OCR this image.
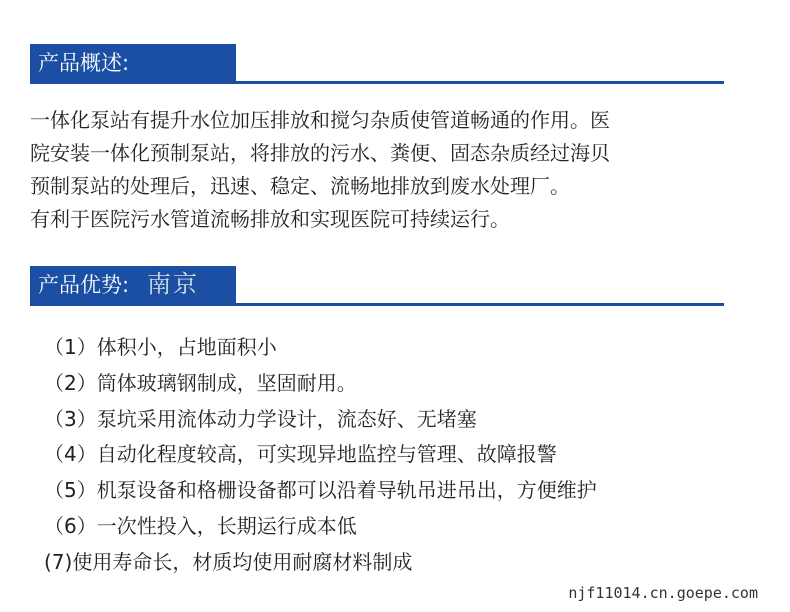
产品概述:

一体化泵站有提升水位加压排放和搅匀杂质使管道畅通的作用。医

院安装一体化预制泵站，将排放的污水、粪便、固态杂质经过海贝

预制泵站的处理后，迅速、稳定、流畅地排放到废水处理厂。

有利于医院污水管道流畅排放和实现医院可持续运行。

产品优势: 南京
（1）体积小，占地面积小
（2）筒体玻璃钢制成，坚固耐用。
（3）泵坑采用流体动力学设计，流态好、无堵塞
（4）自动化程度较高，可实现异地监控与管理、故障报警
（5）机泵设备和格栅设备都可以沿着导轨吊进吊出，方便维护
（6）一次性投入，长期运行成本低
(7)使用寿命长，材质均使用耐腐材料制成
njf11014.cn.goepe.com
